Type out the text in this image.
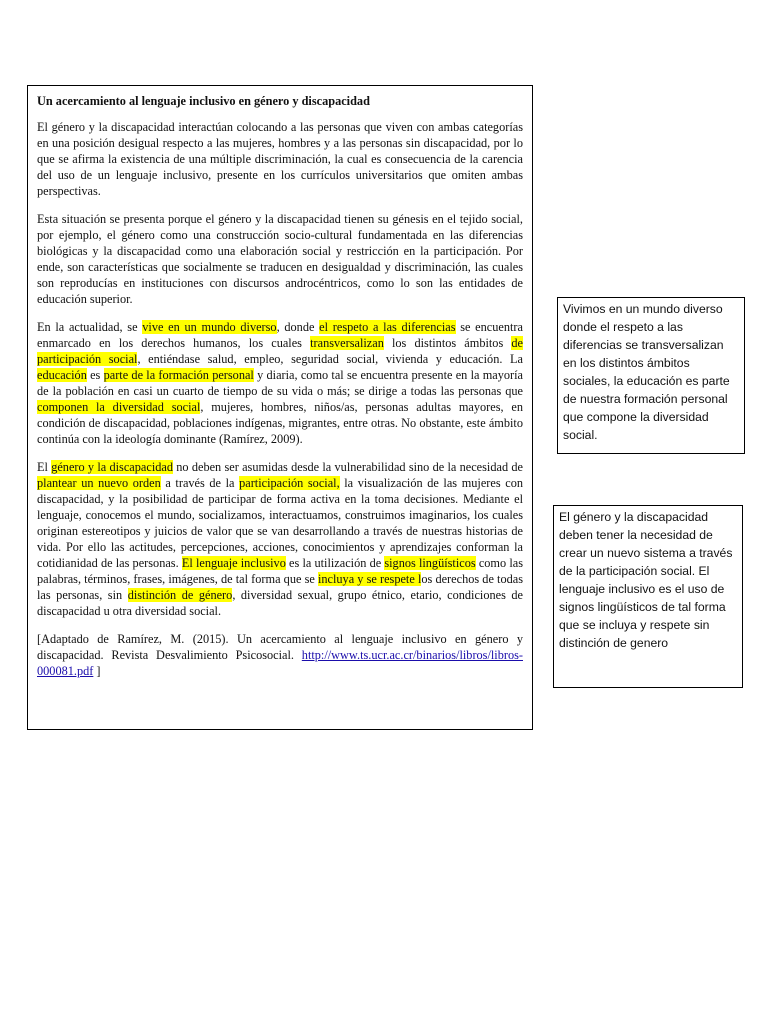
Un acercamiento al lenguaje inclusivo en género y discapacidad

El género y la discapacidad interactúan colocando a las personas que viven con ambas categorías en una posición desigual respecto a las mujeres, hombres y a las personas sin discapacidad, por lo que se afirma la existencia de una múltiple discriminación, la cual es consecuencia de la carencia del uso de un lenguaje inclusivo, presente en los currículos universitarios que omiten ambas perspectivas.

Esta situación se presenta porque el género y la discapacidad tienen su génesis en el tejido social, por ejemplo, el género como una construcción socio-cultural fundamentada en las diferencias biológicas y la discapacidad como una elaboración social y restricción en la participación. Por ende, son características que socialmente se traducen en desigualdad y discriminación, las cuales son reproducías en instituciones con discursos androcéntricos, como lo son las entidades de educación superior.

En la actualidad, se vive en un mundo diverso, donde el respeto a las diferencias se encuentra enmarcado en los derechos humanos, los cuales transversalizan los distintos ámbitos de participación social, entiéndase salud, empleo, seguridad social, vivienda y educación. La educación es parte de la formación personal y diaria, como tal se encuentra presente en la mayoría de la población en casi un cuarto de tiempo de su vida o más; se dirige a todas las personas que componen la diversidad social, mujeres, hombres, niños/as, personas adultas mayores, en condición de discapacidad, poblaciones indígenas, migrantes, entre otras. No obstante, este ámbito continúa con la ideología dominante (Ramírez, 2009).

El género y la discapacidad no deben ser asumidas desde la vulnerabilidad sino de la necesidad de plantear un nuevo orden a través de la participación social, la visualización de las mujeres con discapacidad, y la posibilidad de participar de forma activa en la toma decisiones. Mediante el lenguaje, conocemos el mundo, socializamos, interactuamos, construimos imaginarios, los cuales originan estereotipos y juicios de valor que se van desarrollando a través de nuestras historias de vida. Por ello las actitudes, percepciones, acciones, conocimientos y aprendizajes conforman la cotidianidad de las personas. El lenguaje inclusivo es la utilización de signos lingüísticos como las palabras, términos, frases, imágenes, de tal forma que se incluya y se respete los derechos de todas las personas, sin distinción de género, diversidad sexual, grupo étnico, etario, condiciones de discapacidad u otra diversidad social.

[Adaptado de Ramírez, M. (2015). Un acercamiento al lenguaje inclusivo en género y discapacidad. Revista Desvalimiento Psicosocial. http://www.ts.ucr.ac.cr/binarios/libros/libros-000081.pdf ]

Vivimos en un mundo diverso donde el respeto a las diferencias se transversalizan en los distintos ámbitos sociales, la educación es parte de nuestra formación personal que compone la diversidad social.
El género y la discapacidad deben tener la necesidad de crear un nuevo sistema a través de la participación social. El lenguaje inclusivo es el uso de signos lingüísticos de tal forma que se incluya y respete sin distinción de genero
